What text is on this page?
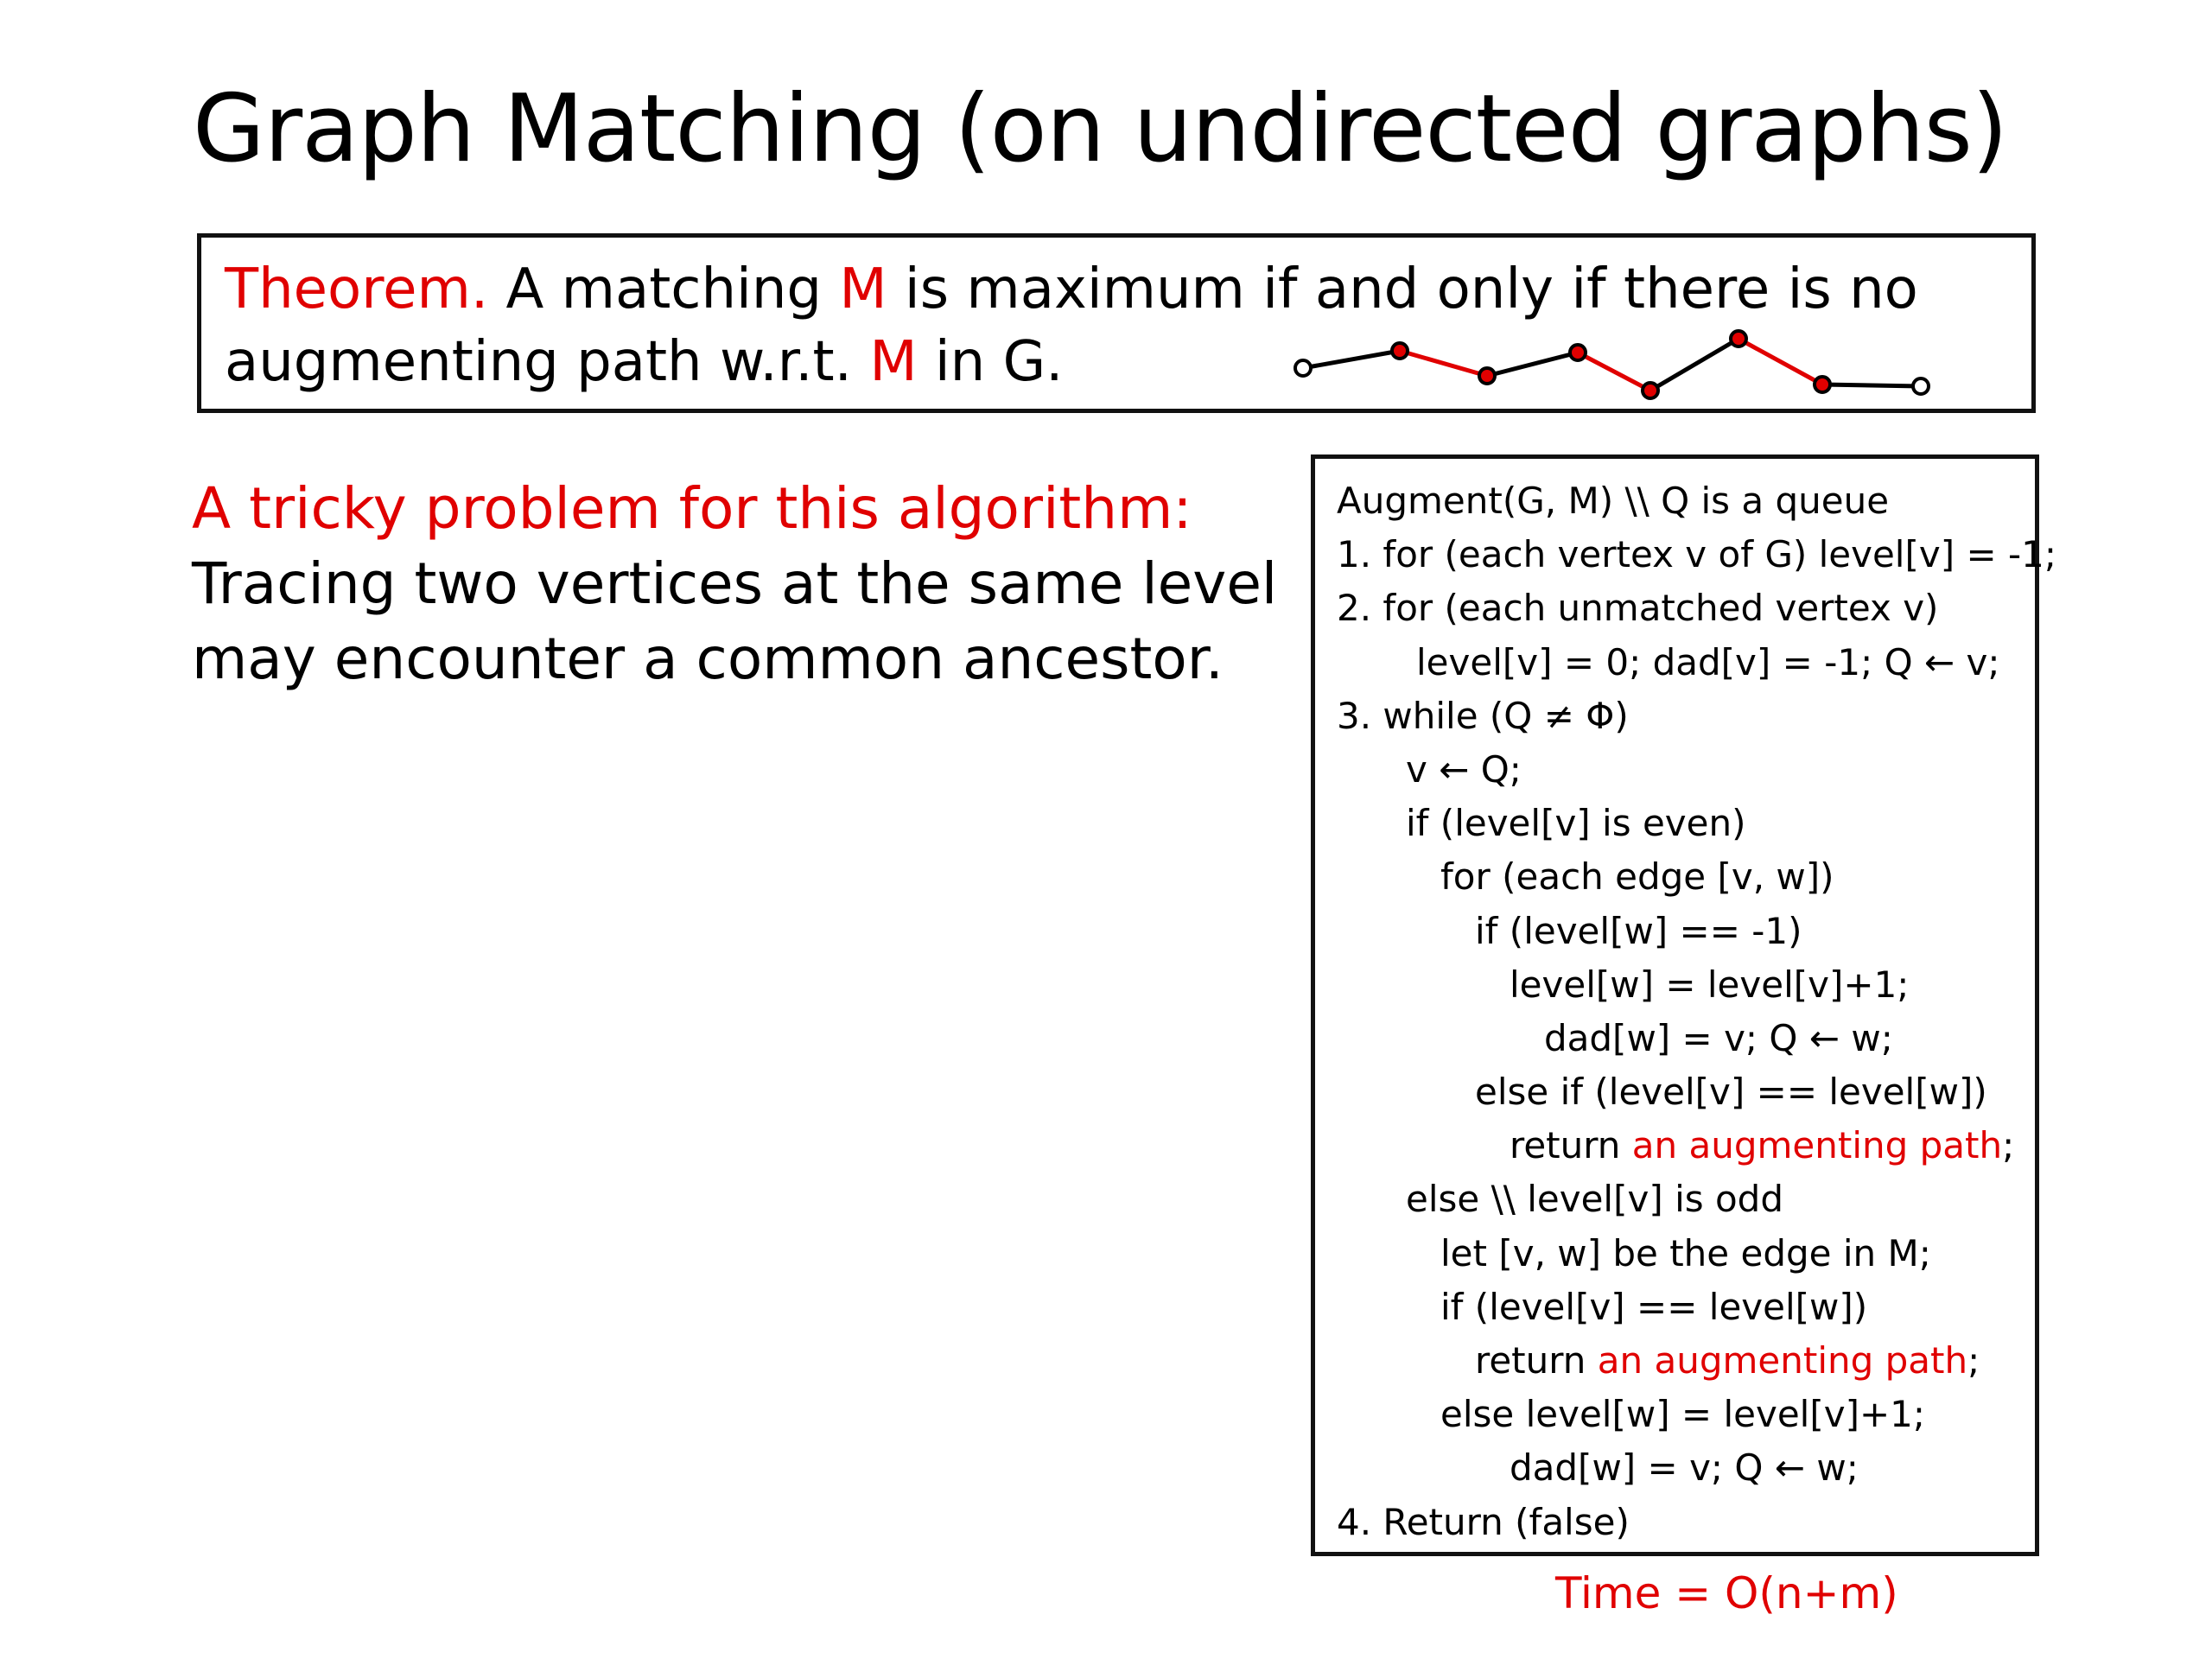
Graph Matching (on undirected graphs)
Theorem. A matching M is maximum if and only if there is no
augmenting path w.r.t. M in G.
A tricky problem for this algorithm:
Tracing two vertices at the same level
may encounter a common ancestor.
Augment(G, M) \\ Q is a queue
1. for (each vertex v of G) level[v] = -1;
2. for (each unmatched vertex v)
level[v] = 0; dad[v] = -1; Q ← v;
3. while (Q ≠ Φ)
v ← Q;
if (level[v] is even)
for (each edge [v, w])
if (level[w] == -1)
level[w] = level[v]+1;
dad[w] = v; Q ← w;
else if (level[v] == level[w])
return an augmenting path;
else \\ level[v] is odd
let [v, w] be the edge in M;
if (level[v] == level[w])
return an augmenting path;
else level[w] = level[v]+1;
dad[w] = v; Q ← w;
4. Return (false)
Time = O(n+m)
